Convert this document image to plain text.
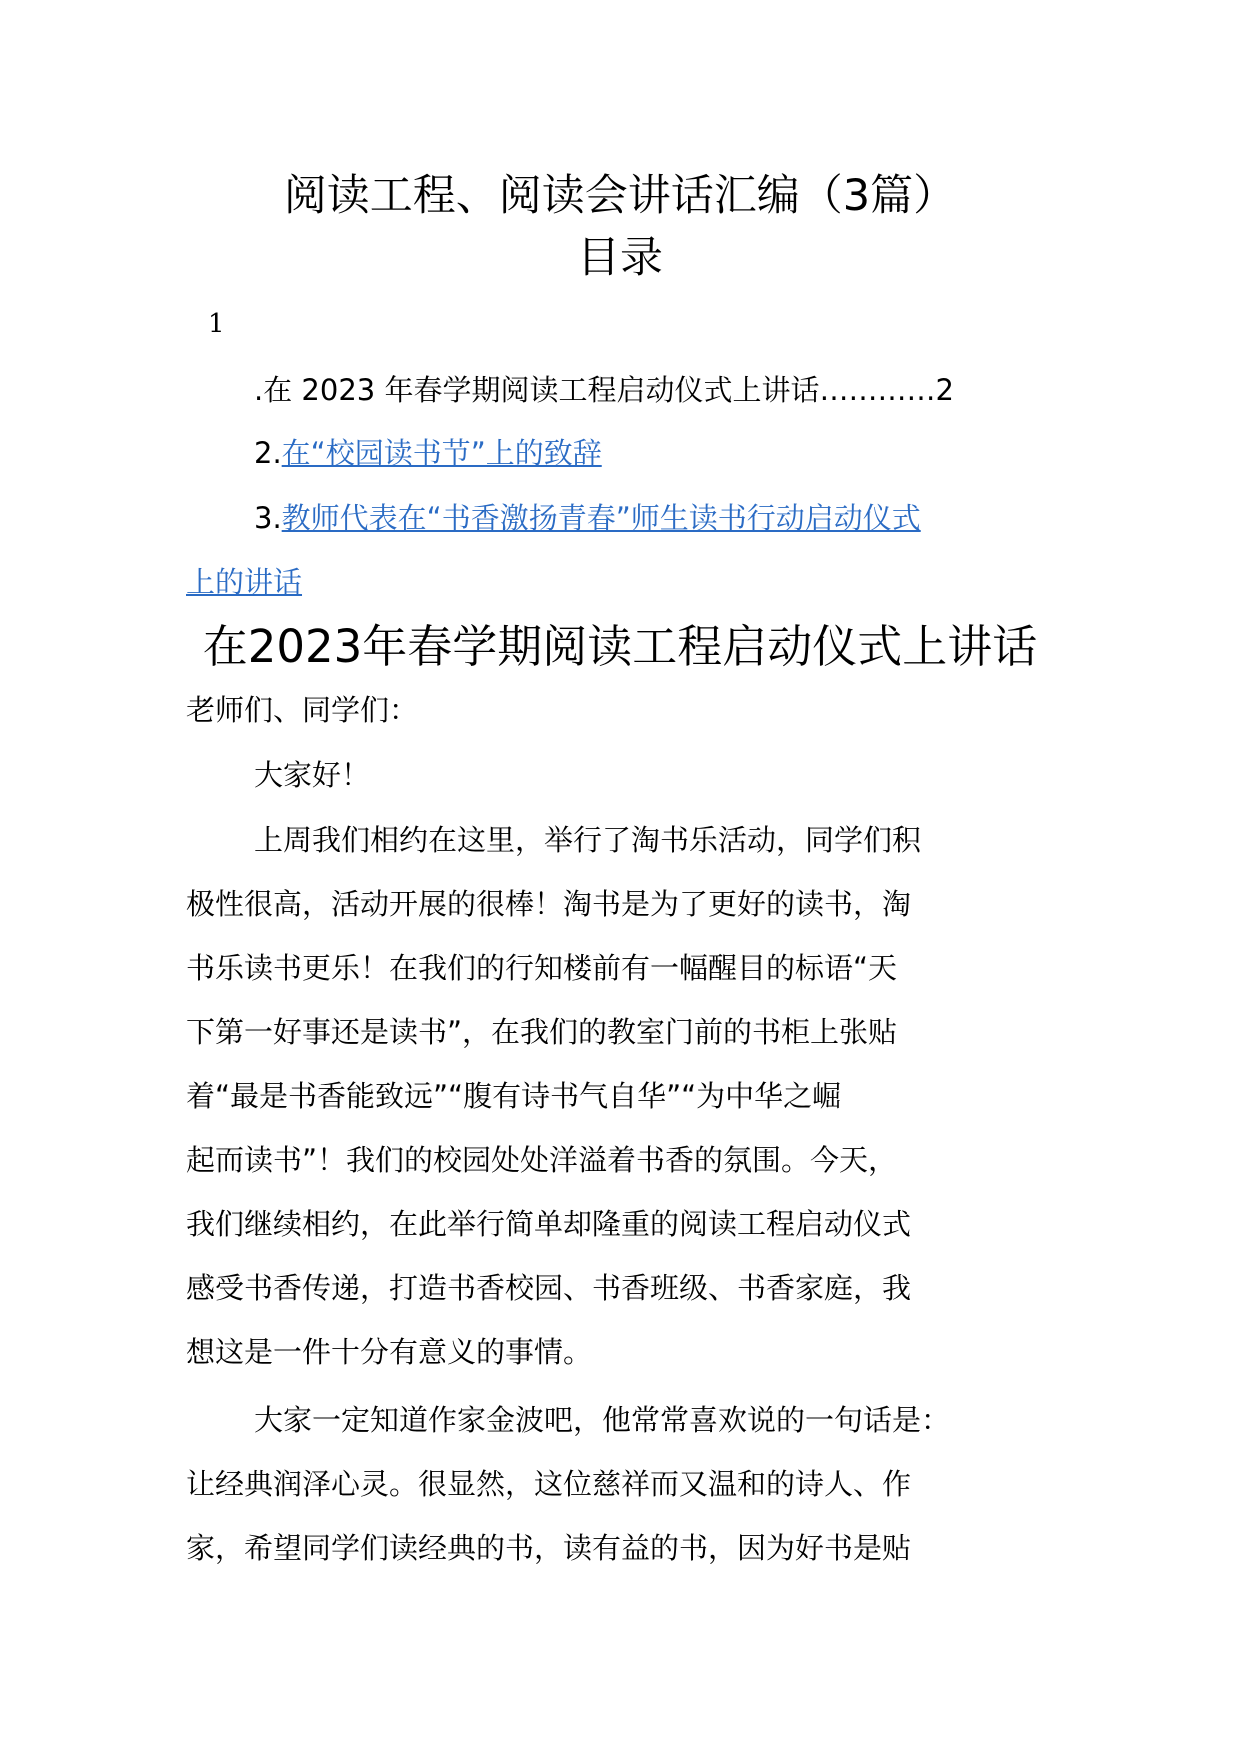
阅读工程、阅读会讲话汇编（3篇）
目录
1
.在 2023 年春学期阅读工程启动仪式上讲话…………2
2.在“校园读书节”上的致辞
3.教师代表在“书香激扬青春”师生读书行动启动仪式
上的讲话
在2023年春学期阅读工程启动仪式上讲话
老师们、同学们：
大家好！
上周我们相约在这里，举行了淘书乐活动，同学们积
极性很高，活动开展的很棒！淘书是为了更好的读书，淘
书乐读书更乐！在我们的行知楼前有一幅醒目的标语“天
下第一好事还是读书”，在我们的教室门前的书柜上张贴
着“最是书香能致远”“腹有诗书气自华”“为中华之崛
起而读书”！我们的校园处处洋溢着书香的氛围。今天，
我们继续相约，在此举行简单却隆重的阅读工程启动仪式
感受书香传递，打造书香校园、书香班级、书香家庭，我
想这是一件十分有意义的事情。
大家一定知道作家金波吧，他常常喜欢说的一句话是：
让经典润泽心灵。很显然，这位慈祥而又温和的诗人、作
家，希望同学们读经典的书，读有益的书，因为好书是贴
